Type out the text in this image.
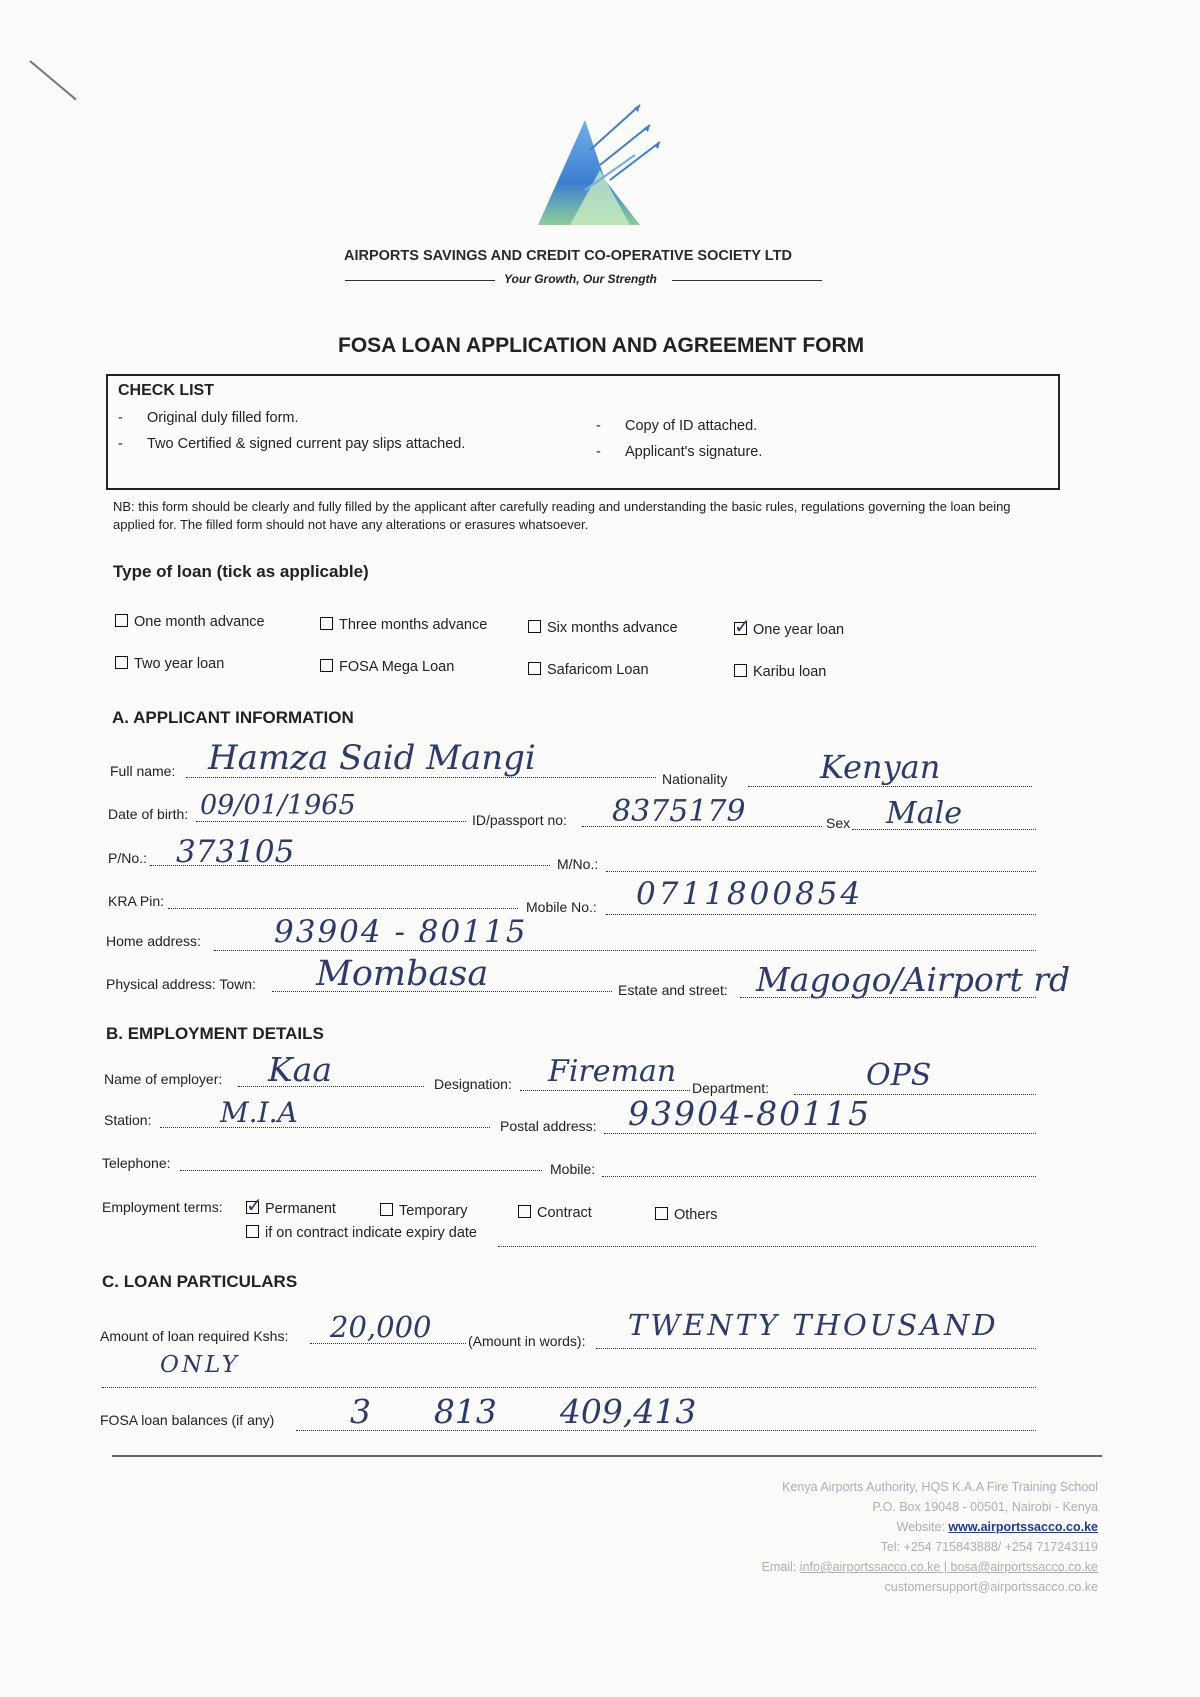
AIRPORTS SAVINGS AND CREDIT CO-OPERATIVE SOCIETY LTD
Your Growth, Our Strength
FOSA LOAN APPLICATION AND AGREEMENT FORM
CHECK LIST
-      Original duly filled form.
-      Two Certified & signed current pay slips attached.
-      Copy of ID attached.
-      Applicant's signature.
NB: this form should be clearly and fully filled by the applicant after carefully reading and understanding the basic rules, regulations governing the loan being applied for. The filled form should not have any alterations or erasures whatsoever.
Type of loan (tick as applicable)
One month advance	Three months advance	Six months advance	✓ One year loan
Two year loan	FOSA Mega Loan	Safaricom Loan	Karibu loan
A. APPLICANT INFORMATION
Full name: Hamza Said Mangi
Nationality	Kenyan
Date of birth: 09/01/1965	ID/passport no: 8375179	Sex Male
P/No.: 373105	M/No.:
KRA Pin:	Mobile No.: 0711800854
Home address: 93904 - 80115
Physical address: Town: Mombasa	Estate and street: Magogo/Airport rd
B. EMPLOYMENT DETAILS
Name of employer: Kaa	Designation: Fireman Department:	OPS
Station: M.I.A	Postal address: 93904-80115
Telephone:	Mobile:
Employment terms: ✓ Permanent	Temporary	Contract	Others
if on contract indicate expiry date
C. LOAN PARTICULARS
Amount of loan required Kshs: 20,000	(Amount in words): TWENTY THOUSAND
ONLY
FOSA loan balances (if any) 3      813      409,413
Kenya Airports Authority, HQS K.A.A Fire Training School
P.O. Box 19048 - 00501, Nairobi - Kenya
Website: www.airportssacco.co.ke
Tel: +254 715843888/ +254 717243119
Email: info@airportssacco.co.ke | bosa@airportssacco.co.ke
customersupport@airportssacco.co.ke
